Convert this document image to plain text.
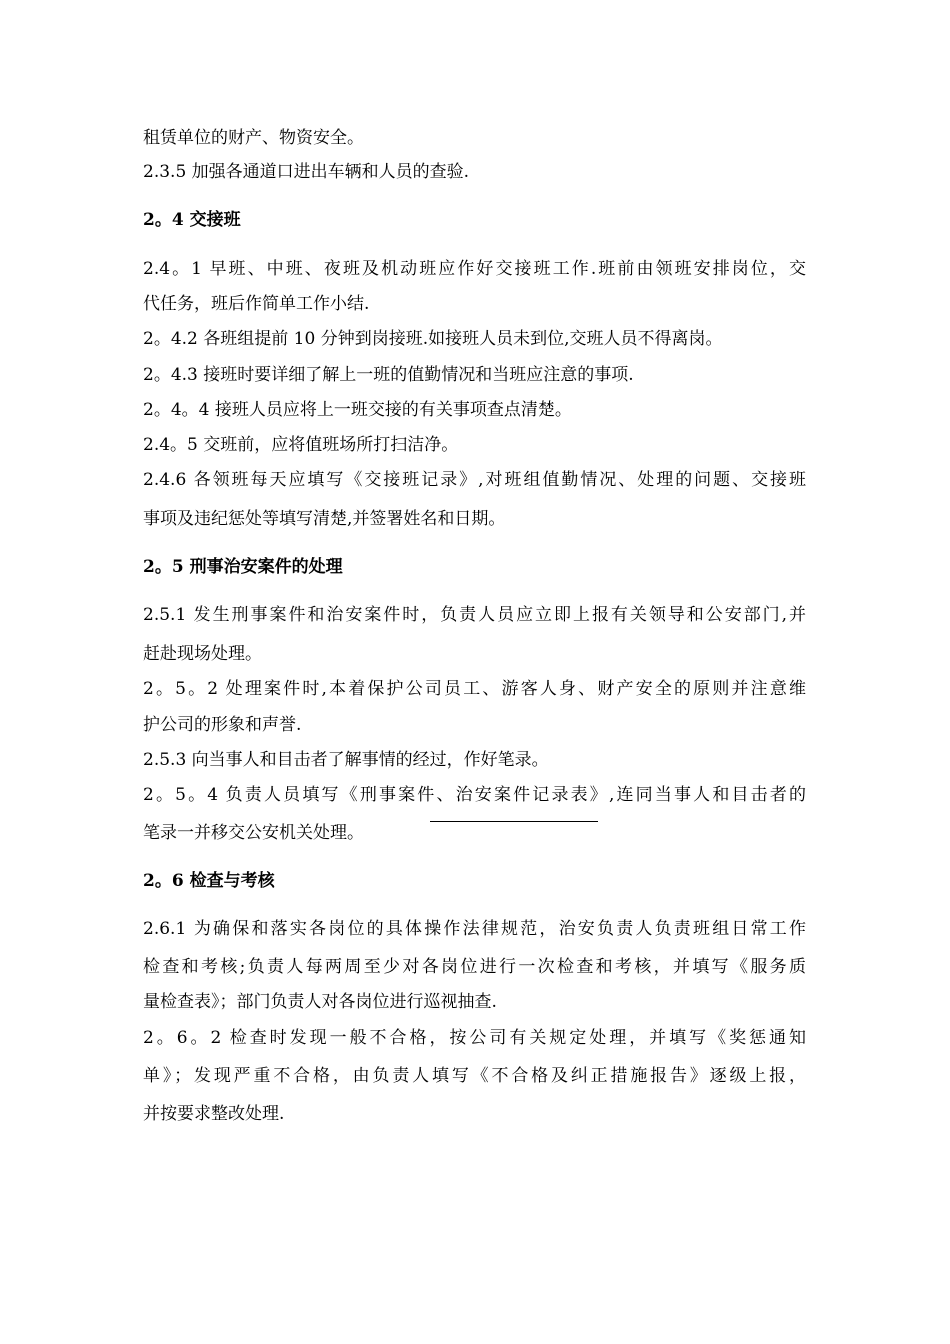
租赁单位的财产、物资安全。
2.3.5 加强各通道口进出车辆和人员的查验.
2。4 交接班
2.4。1 早班、中班、夜班及机动班应作好交接班工作.班前由领班安排岗位，交
代任务，班后作简单工作小结.
2。4.2 各班组提前 10 分钟到岗接班.如接班人员未到位,交班人员不得离岗。
2。4.3 接班时要详细了解上一班的值勤情况和当班应注意的事项.
2。4。4 接班人员应将上一班交接的有关事项查点清楚。
2.4。5 交班前，应将值班场所打扫洁净。
2.4.6 各领班每天应填写《交接班记录》,对班组值勤情况、处理的问题、交接班
事项及违纪惩处等填写清楚,并签署姓名和日期。
2。5 刑事治安案件的处理
2.5.1 发生刑事案件和治安案件时，负责人员应立即上报有关领导和公安部门,并
赶赴现场处理。
2。5。2 处理案件时,本着保护公司员工、游客人身、财产安全的原则并注意维
护公司的形象和声誉.
2.5.3 向当事人和目击者了解事情的经过，作好笔录。
2。5。4 负责人员填写《刑事案件、治安案件记录表》,连同当事人和目击者的
笔录一并移交公安机关处理。
2。6 检查与考核
2.6.1 为确保和落实各岗位的具体操作法律规范，治安负责人负责班组日常工作
检查和考核;负责人每两周至少对各岗位进行一次检查和考核，并填写《服务质
量检查表》；部门负责人对各岗位进行巡视抽查.
2。6。2 检查时发现一般不合格，按公司有关规定处理，并填写《奖惩通知
单》；发现严重不合格，由负责人填写《不合格及纠正措施报告》逐级上报，
并按要求整改处理.
